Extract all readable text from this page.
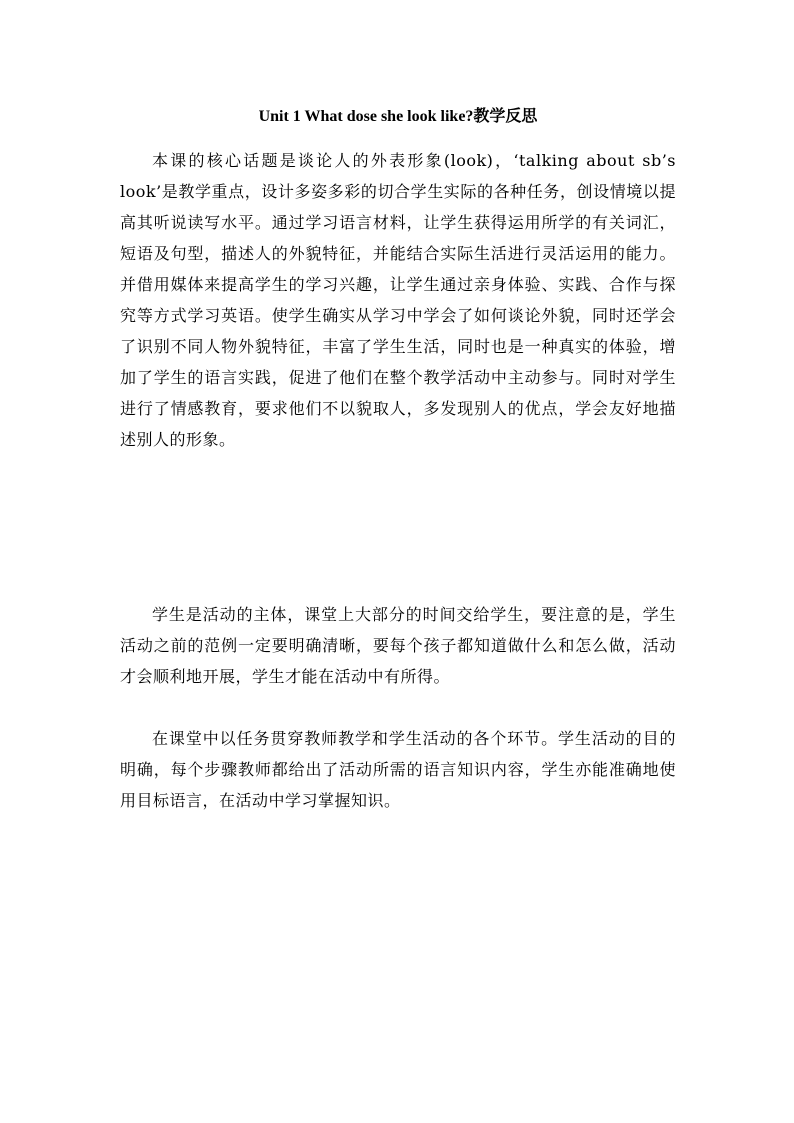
Unit 1 What dose she look like?教学反思

本课的核心话题是谈论人的外表形象(look)，‘talking about sb’s look’是教学重点，设计多姿多彩的切合学生实际的各种任务，创设情境以提高其听说读写水平。通过学习语言材料，让学生获得运用所学的有关词汇，短语及句型，描述人的外貌特征，并能结合实际生活进行灵活运用的能力。并借用媒体来提高学生的学习兴趣，让学生通过亲身体验、实践、合作与探究等方式学习英语。使学生确实从学习中学会了如何谈论外貌，同时还学会了识别不同人物外貌特征，丰富了学生生活，同时也是一种真实的体验，增加了学生的语言实践，促进了他们在整个教学活动中主动参与。同时对学生进行了情感教育，要求他们不以貌取人，多发现别人的优点，学会友好地描述别人的形象。

学生是活动的主体，课堂上大部分的时间交给学生，要注意的是，学生活动之前的范例一定要明确清晰，要每个孩子都知道做什么和怎么做，活动才会顺利地开展，学生才能在活动中有所得。

在课堂中以任务贯穿教师教学和学生活动的各个环节。学生活动的目的明确，每个步骤教师都给出了活动所需的语言知识内容，学生亦能准确地使用目标语言，在活动中学习掌握知识。
